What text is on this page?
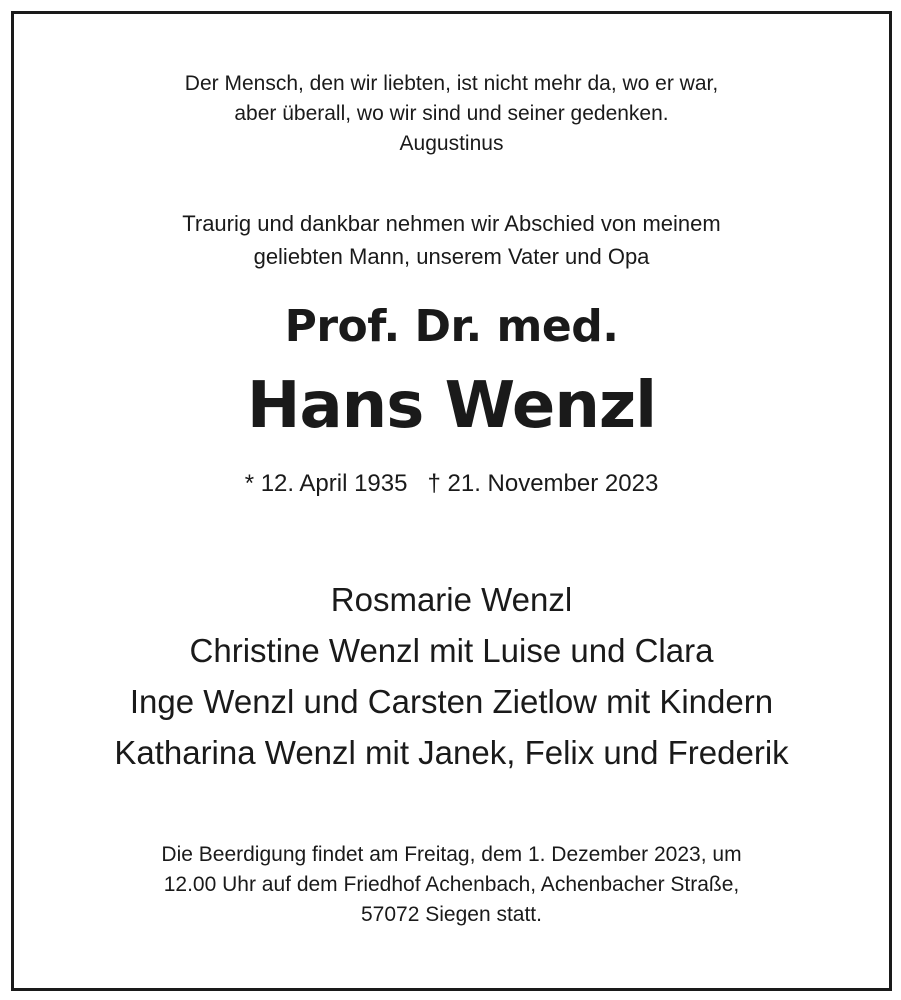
Der Mensch, den wir liebten, ist nicht mehr da, wo er war,
aber überall, wo wir sind und seiner gedenken.
Augustinus
Traurig und dankbar nehmen wir Abschied von meinem
geliebten Mann, unserem Vater und Opa
Prof. Dr. med.
Hans Wenzl
* 12. April 1935 † 21. November 2023
Rosmarie Wenzl
Christine Wenzl mit Luise und Clara
Inge Wenzl und Carsten Zietlow mit Kindern
Katharina Wenzl mit Janek, Felix und Frederik
Die Beerdigung findet am Freitag, dem 1. Dezember 2023, um
12.00 Uhr auf dem Friedhof Achenbach, Achenbacher Straße,
57072 Siegen statt.
